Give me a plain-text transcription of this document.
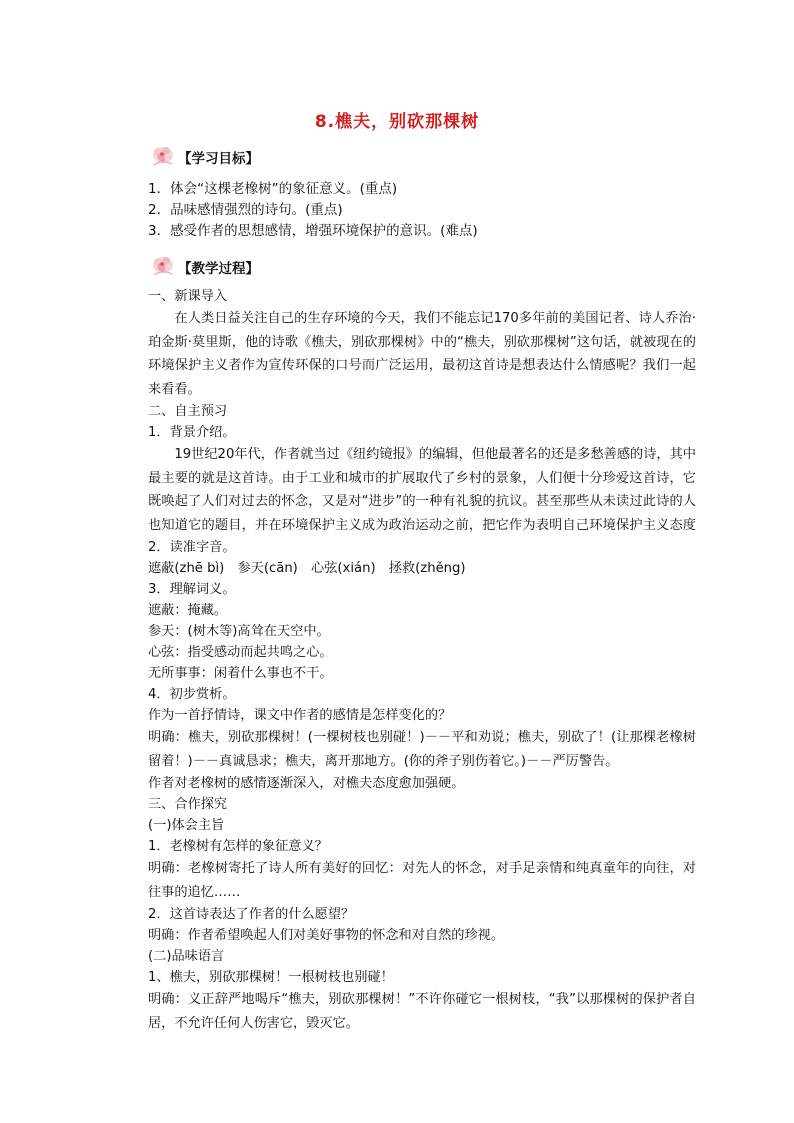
8.樵夫，别砍那棵树
【学习目标】
1．体会“这棵老橡树”的象征意义。(重点)
2．品味感情强烈的诗句。(重点)
3．感受作者的思想感情，增强环境保护的意识。(难点)
【教学过程】
一、新课导入
在人类日益关注自己的生存环境的今天，我们不能忘记170多年前的美国记者、诗人乔治·珀金斯·莫里斯，他的诗歌《樵夫，别砍那棵树》中的“樵夫，别砍那棵树”这句话，就被现在的环境保护主义者作为宣传环保的口号而广泛运用，最初这首诗是想表达什么情感呢？我们一起来看看。
二、自主预习
1．背景介绍。
19世纪20年代，作者就当过《纽约镜报》的编辑，但他最著名的还是多愁善感的诗，其中最主要的就是这首诗。由于工业和城市的扩展取代了乡村的景象，人们便十分珍爱这首诗，它既唤起了人们对过去的怀念，又是对“进步”的一种有礼貌的抗议。甚至那些从未读过此诗的人也知道它的题目，并在环境保护主义成为政治运动之前，把它作为表明自己环境保护主义态度
2．读准字音。
遮蔽(zhē bì)　参天(cān)　心弦(xián)　拯救(zhěng)
3．理解词义。
遮蔽：掩藏。
参天：(树木等)高耸在天空中。
心弦：指受感动而起共鸣之心。
无所事事：闲着什么事也不干。
4．初步赏析。
作为一首抒情诗，课文中作者的感情是怎样变化的？
明确：樵夫，别砍那棵树！(一棵树枝也别碰！)－－平和劝说；樵夫，别砍了！(让那棵老橡树留着！)－－真诚恳求；樵夫，离开那地方。(你的斧子别伤着它。)－－严厉警告。
作者对老橡树的感情逐渐深入，对樵夫态度愈加强硬。
三、合作探究
(一)体会主旨
1．老橡树有怎样的象征意义？
明确：老橡树寄托了诗人所有美好的回忆：对先人的怀念，对手足亲情和纯真童年的向往，对往事的追忆……
2．这首诗表达了作者的什么愿望？
明确：作者希望唤起人们对美好事物的怀念和对自然的珍视。
(二)品味语言
1、樵夫，别砍那棵树！一根树枝也别碰！
明确：义正辞严地喝斥“樵夫，别砍那棵树！”不许你碰它一根树枝，“我”以那棵树的保护者自居，不允许任何人伤害它，毁灭它。
